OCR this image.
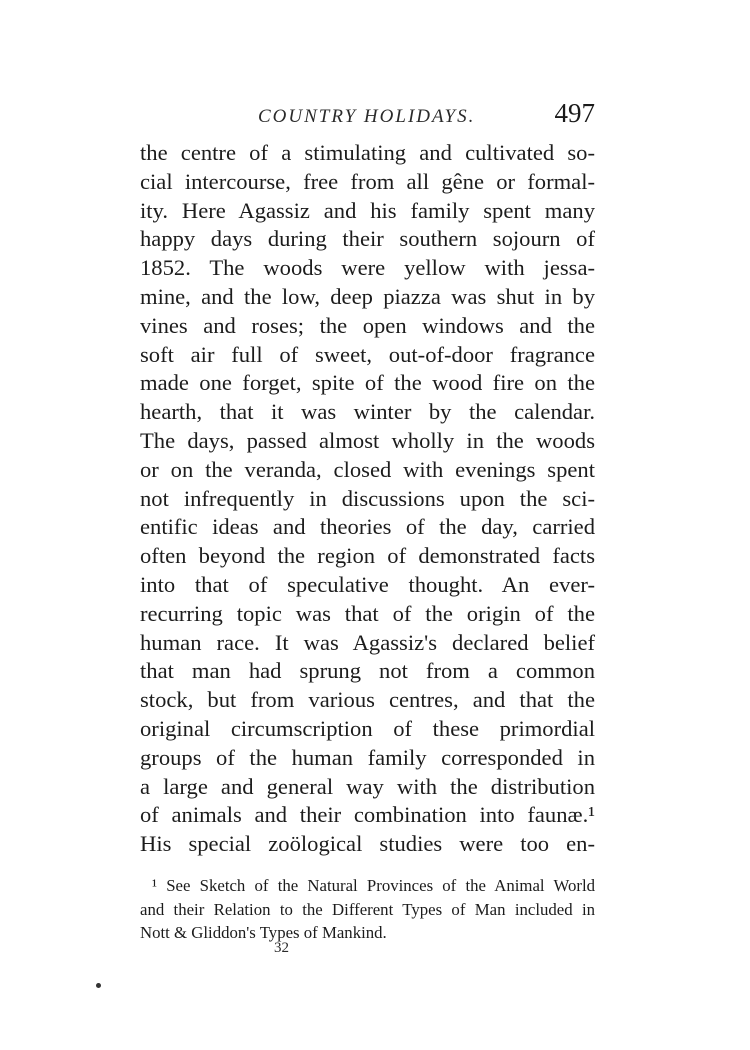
COUNTRY HOLIDAYS.	497
the centre of a stimulating and cultivated so-
cial intercourse, free from all gêne or formal-
ity. Here Agassiz and his family spent many
happy days during their southern sojourn of
1852. The woods were yellow with jessa-
mine, and the low, deep piazza was shut in by
vines and roses; the open windows and the
soft air full of sweet, out-of-door fragrance
made one forget, spite of the wood fire on the
hearth, that it was winter by the calendar.
The days, passed almost wholly in the woods
or on the veranda, closed with evenings spent
not infrequently in discussions upon the sci-
entific ideas and theories of the day, carried
often beyond the region of demonstrated facts
into that of speculative thought. An ever-
recurring topic was that of the origin of the
human race. It was Agassiz's declared belief
that man had sprung not from a common
stock, but from various centres, and that the
original circumscription of these primordial
groups of the human family corresponded in
a large and general way with the distribution
of animals and their combination into faunæ.¹
His special zoölogical studies were too en-
¹ See Sketch of the Natural Provinces of the Animal World
and their Relation to the Different Types of Man included in
Nott & Gliddon's Types of Mankind.
32
